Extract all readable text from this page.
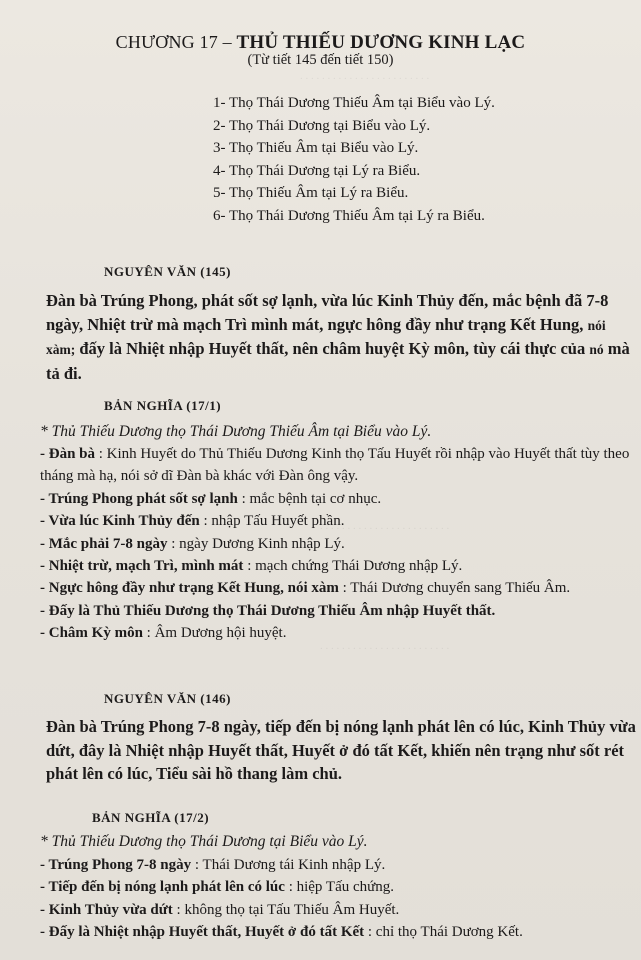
. . . . . . . . . . . . . . . . . . . . . . . .
. . . . . . . . . . . . . . . . . . . . . . . .
. . . . . . . . . . . . . . . . . . . . . . . .
CHƯƠNG 17 – THỦ THIẾU DƯƠNG KINH LẠC
(Từ tiết 145 đến tiết 150)
1- Thọ Thái Dương Thiếu Âm tại Biểu vào Lý.
2- Thọ Thái Dương tại Biểu vào Lý.
3- Thọ Thiếu Âm tại Biểu vào Lý.
4- Thọ Thái Dương tại Lý ra Biểu.
5- Thọ Thiếu Âm tại Lý ra Biểu.
6- Thọ Thái Dương Thiếu Âm tại Lý ra Biểu.
NGUYÊN VĂN (145)
Đàn bà Trúng Phong, phát sốt sợ lạnh, vừa lúc Kinh Thủy đến, mắc bệnh đã 7-8 ngày, Nhiệt trừ mà mạch Trì mình mát, ngực hông đầy như trạng Kết Hung, nói xàm; đấy là Nhiệt nhập Huyết thất, nên châm huyệt Kỳ môn, tùy cái thực của nó mà tả đi.
BẢN NGHĨA (17/1)
* Thủ Thiếu Dương thọ Thái Dương Thiếu Âm tại Biểu vào Lý.
- Đàn bà : Kinh Huyết do Thủ Thiếu Dương Kinh thọ Tấu Huyết rồi nhập vào Huyết thất tùy theo tháng mà hạ, nói sở dĩ Đàn bà khác với Đàn ông vậy.
- Trúng Phong phát sốt sợ lạnh : mắc bệnh tại cơ nhục.
- Vừa lúc Kinh Thủy đến : nhập Tấu Huyết phần.
- Mắc phải 7-8 ngày : ngày Dương Kinh nhập Lý.
- Nhiệt trừ, mạch Trì, mình mát : mạch chứng Thái Dương nhập Lý.
- Ngực hông đầy như trạng Kết Hung, nói xàm : Thái Dương chuyển sang Thiếu Âm.
- Đấy là Thủ Thiếu Dương thọ Thái Dương Thiếu Âm nhập Huyết thất.
- Châm Kỳ môn : Âm Dương hội huyệt.
NGUYÊN VĂN (146)
Đàn bà Trúng Phong 7-8 ngày, tiếp đến bị nóng lạnh phát lên có lúc, Kinh Thủy vừa dứt, đây là Nhiệt nhập Huyết thất, Huyết ở đó tất Kết, khiến nên trạng như sốt rét phát lên có lúc, Tiểu sài hồ thang làm chủ.
BẢN NGHĨA (17/2)
* Thủ Thiếu Dương thọ Thái Dương tại Biểu vào Lý.
- Trúng Phong 7-8 ngày : Thái Dương tái Kinh nhập Lý.
- Tiếp đến bị nóng lạnh phát lên có lúc : hiệp Tấu chứng.
- Kinh Thủy vừa dứt : không thọ tại Tấu Thiếu Âm Huyết.
- Đấy là Nhiệt nhập Huyết thất, Huyết ở đó tất Kết : chỉ thọ Thái Dương Kết.
